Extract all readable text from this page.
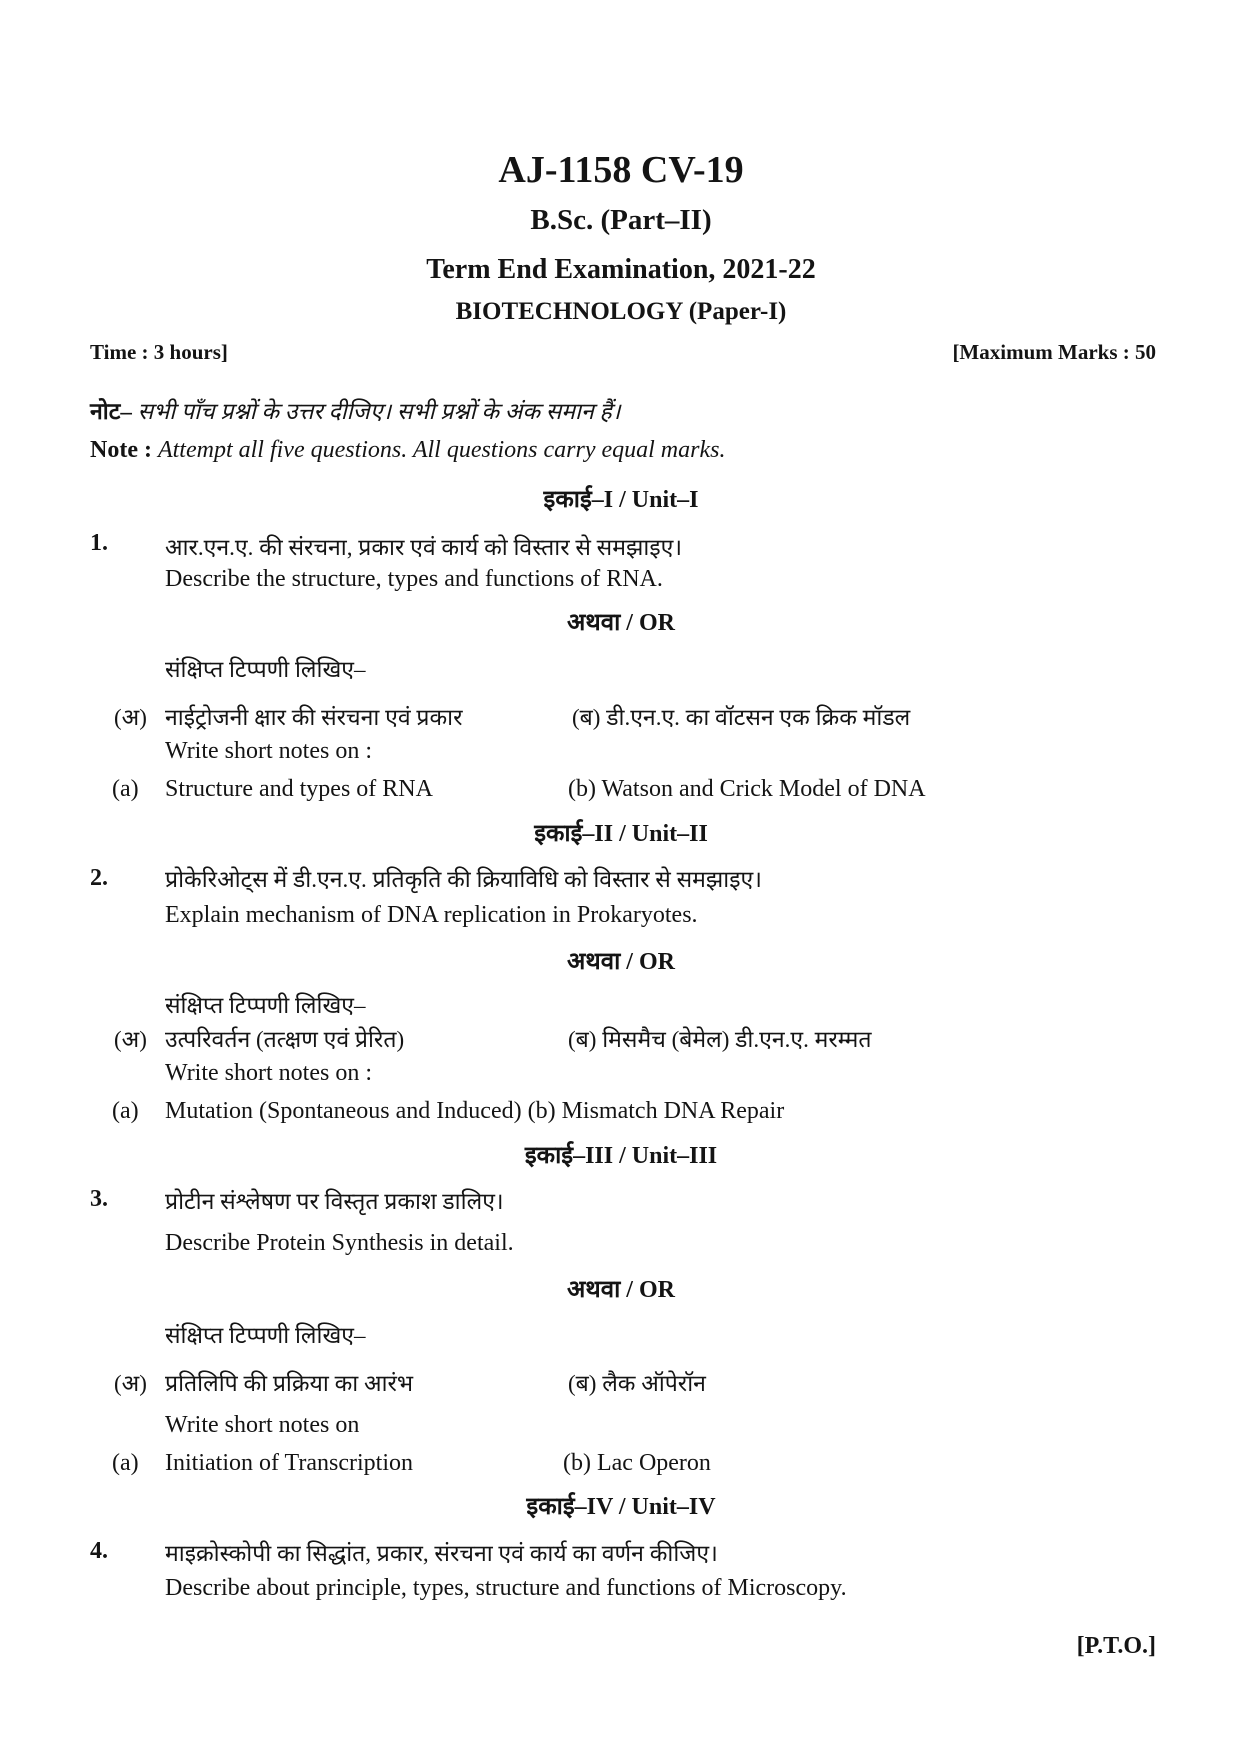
AJ-1158 CV-19
B.Sc. (Part–II)
Term End Examination, 2021-22
BIOTECHNOLOGY (Paper-I)
Time : 3 hours]	[Maximum Marks : 50
नोट– सभी पाँच प्रश्नों के उत्तर दीजिए। सभी प्रश्नों के अंक समान हैं।
Note : Attempt all five questions. All questions carry equal marks.
इकाई–I / Unit–I
1. आर.एन.ए. की संरचना, प्रकार एवं कार्य को विस्तार से समझाइए।
Describe the structure, types and functions of RNA.
अथवा / OR
संक्षिप्त टिप्पणी लिखिए–
(अ) नाईट्रोजनी क्षार की संरचना एवं प्रकार	(ब) डी.एन.ए. का वॉटसन एक क्रिक मॉडल
Write short notes on :
(a) Structure and types of RNA	(b) Watson and Crick Model of DNA
इकाई–II / Unit–II
2. प्रोकेरिओट्स में डी.एन.ए. प्रतिकृति की क्रियाविधि को विस्तार से समझाइए।
Explain mechanism of DNA replication in Prokaryotes.
अथवा / OR
संक्षिप्त टिप्पणी लिखिए–
(अ) उत्परिवर्तन (तत्क्षण एवं प्रेरित)	(ब) मिसमैच (बेमेल) डी.एन.ए. मरम्मत
Write short notes on :
(a) Mutation (Spontaneous and Induced) (b) Mismatch DNA Repair
इकाई–III / Unit–III
3. प्रोटीन संश्लेषण पर विस्तृत प्रकाश डालिए।
Describe Protein Synthesis in detail.
अथवा / OR
संक्षिप्त टिप्पणी लिखिए–
(अ) प्रतिलिपि की प्रक्रिया का आरंभ	(ब) लैक ऑपेरॉन
Write short notes on
(a) Initiation of Transcription	(b) Lac Operon
इकाई–IV / Unit–IV
4. माइक्रोस्कोपी का सिद्धांत, प्रकार, संरचना एवं कार्य का वर्णन कीजिए।
Describe about principle, types, structure and functions of Microscopy.
[P.T.O.]
